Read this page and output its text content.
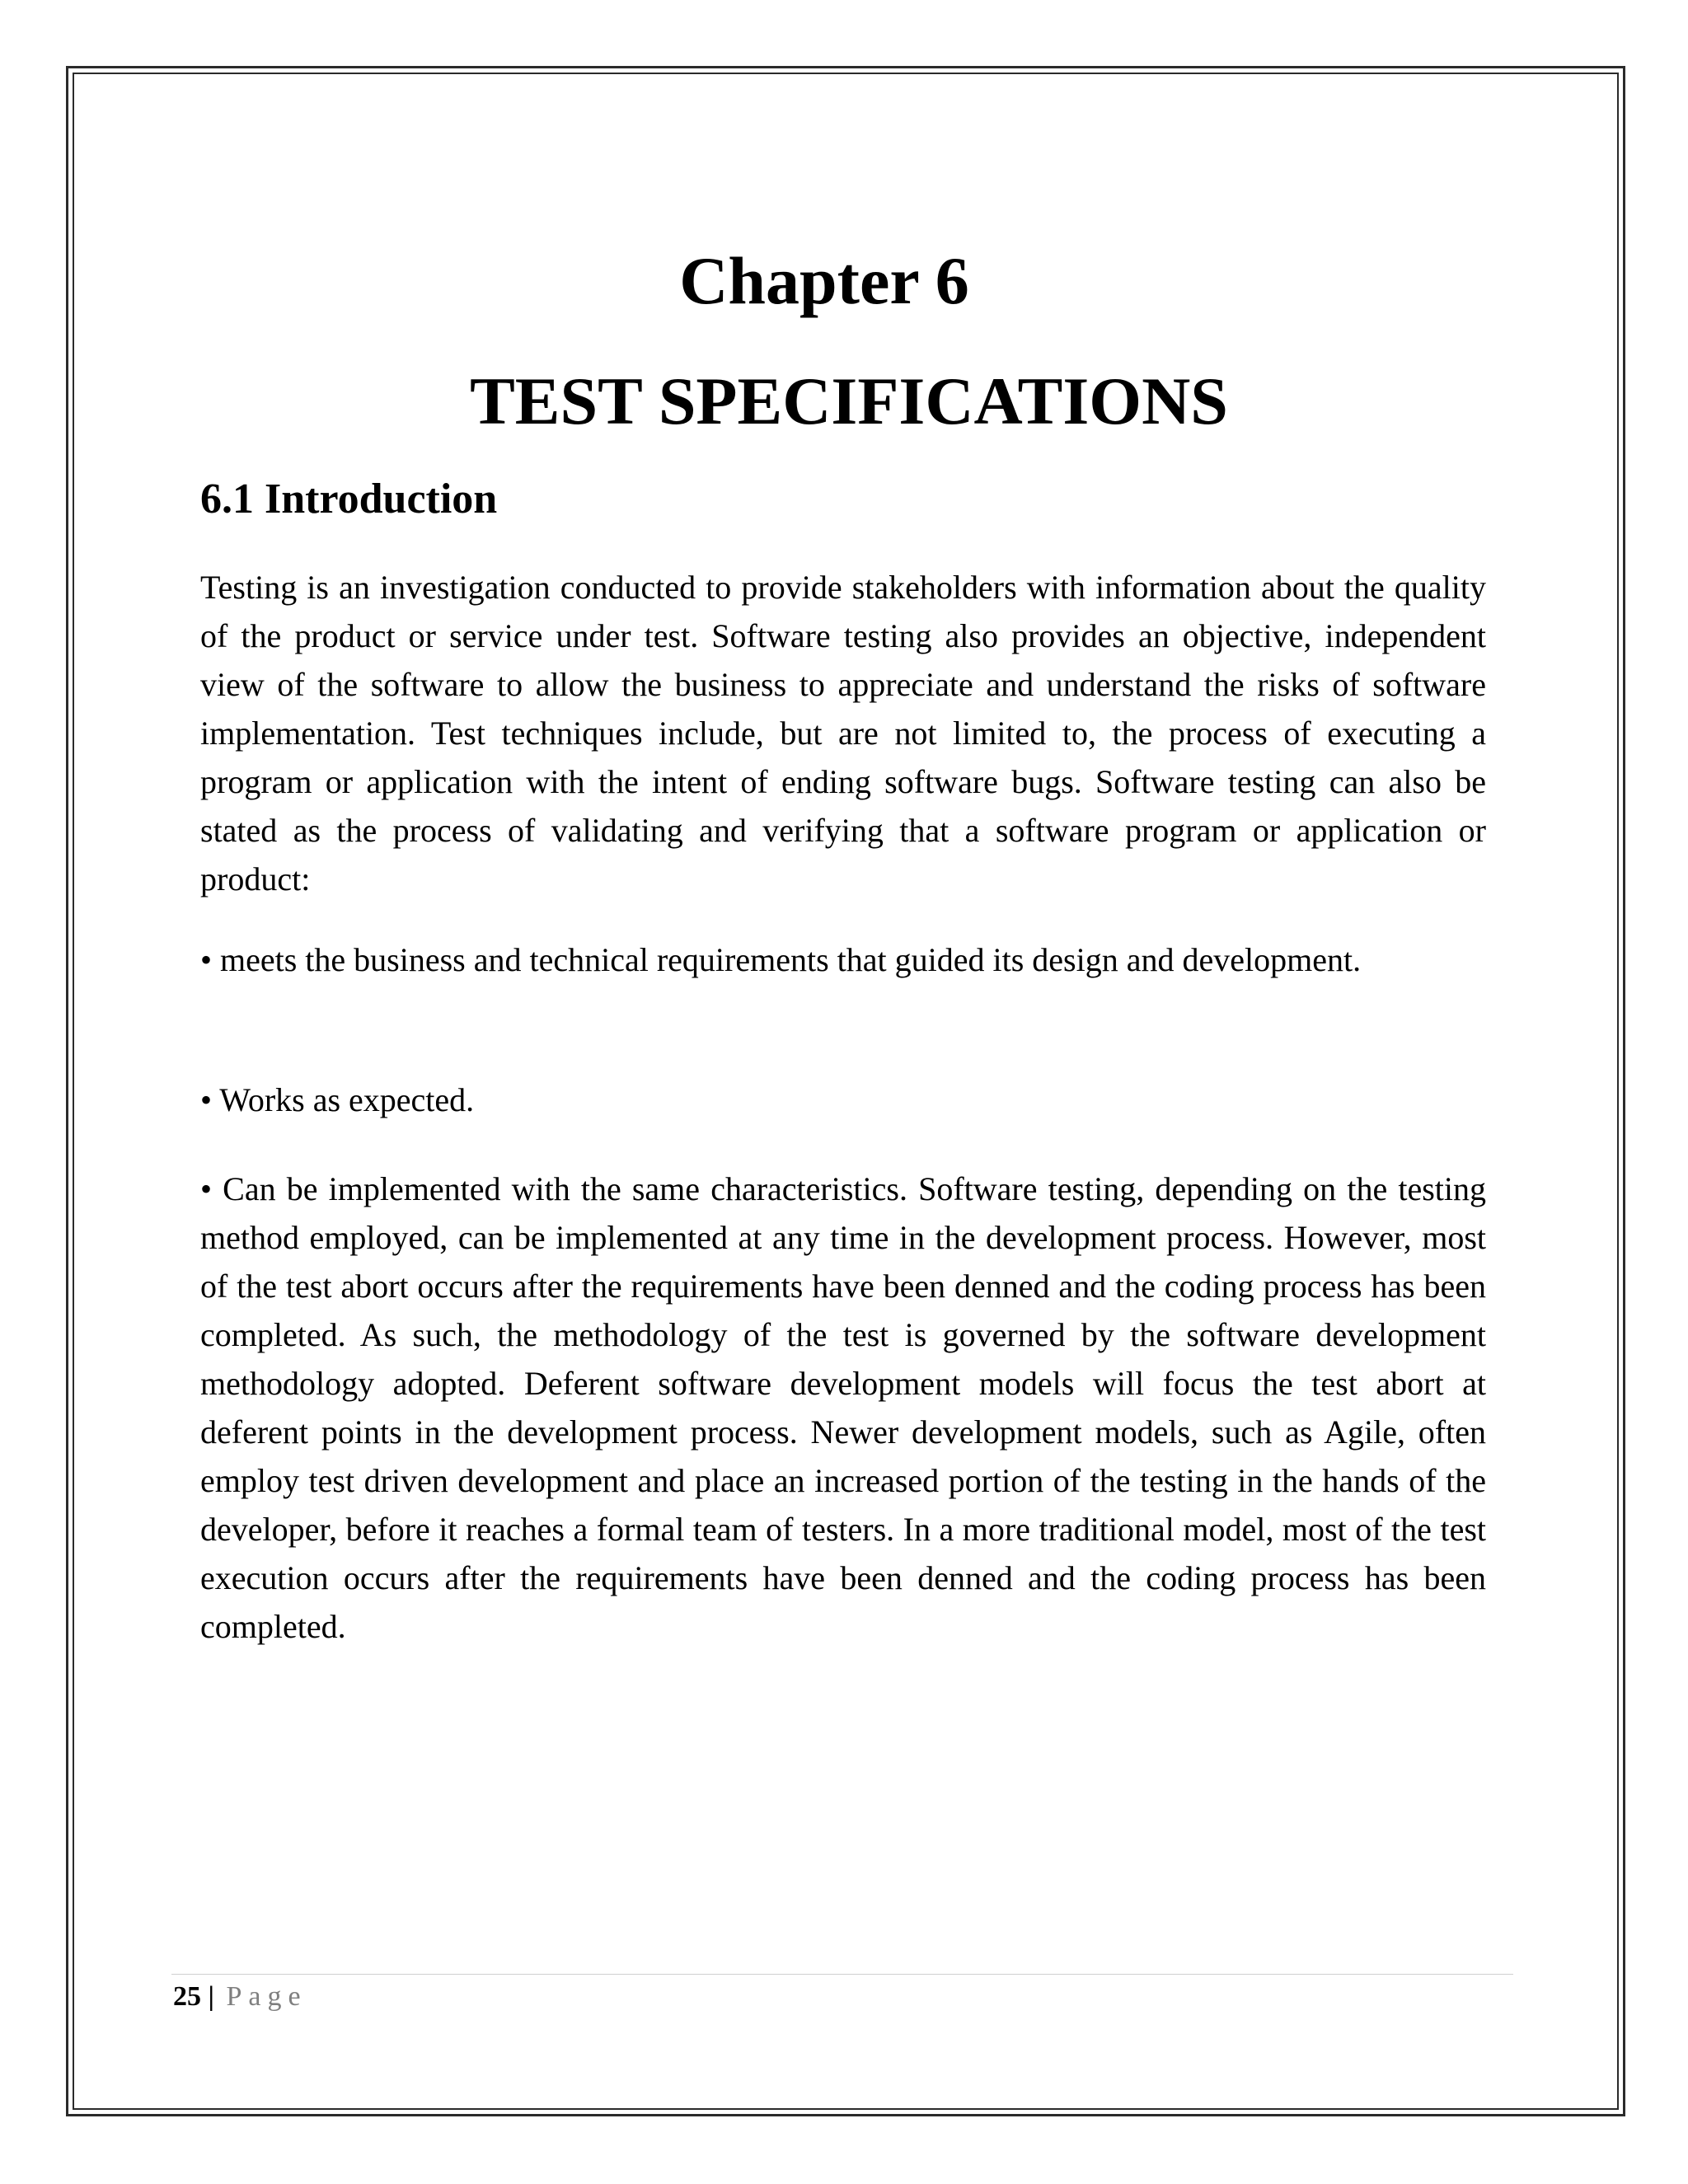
Chapter 6
TEST SPECIFICATIONS
6.1 Introduction

Testing is an investigation conducted to provide stakeholders with information about the quality of the product or service under test. Software testing also provides an objective, independent view of the software to allow the business to appreciate and understand the risks of software implementation. Test techniques include, but are not limited to, the process of executing a program or application with the intent of ending software bugs. Software testing can also be stated as the process of validating and verifying that a software program or application or product:

• meets the business and technical requirements that guided its design and development.

• Works as expected.

• Can be implemented with the same characteristics. Software testing, depending on the testing method employed, can be implemented at any time in the development process. However, most of the test abort occurs after the requirements have been denned and the coding process has been completed. As such, the methodology of the test is governed by the software development methodology adopted. Deferent software development models will focus the test abort at deferent points in the development process. Newer development models, such as Agile, often employ test driven development and place an increased portion of the testing in the hands of the developer, before it reaches a formal team of testers. In a more traditional model, most of the test execution occurs after the requirements have been denned and the coding process has been completed.

25 | Page
